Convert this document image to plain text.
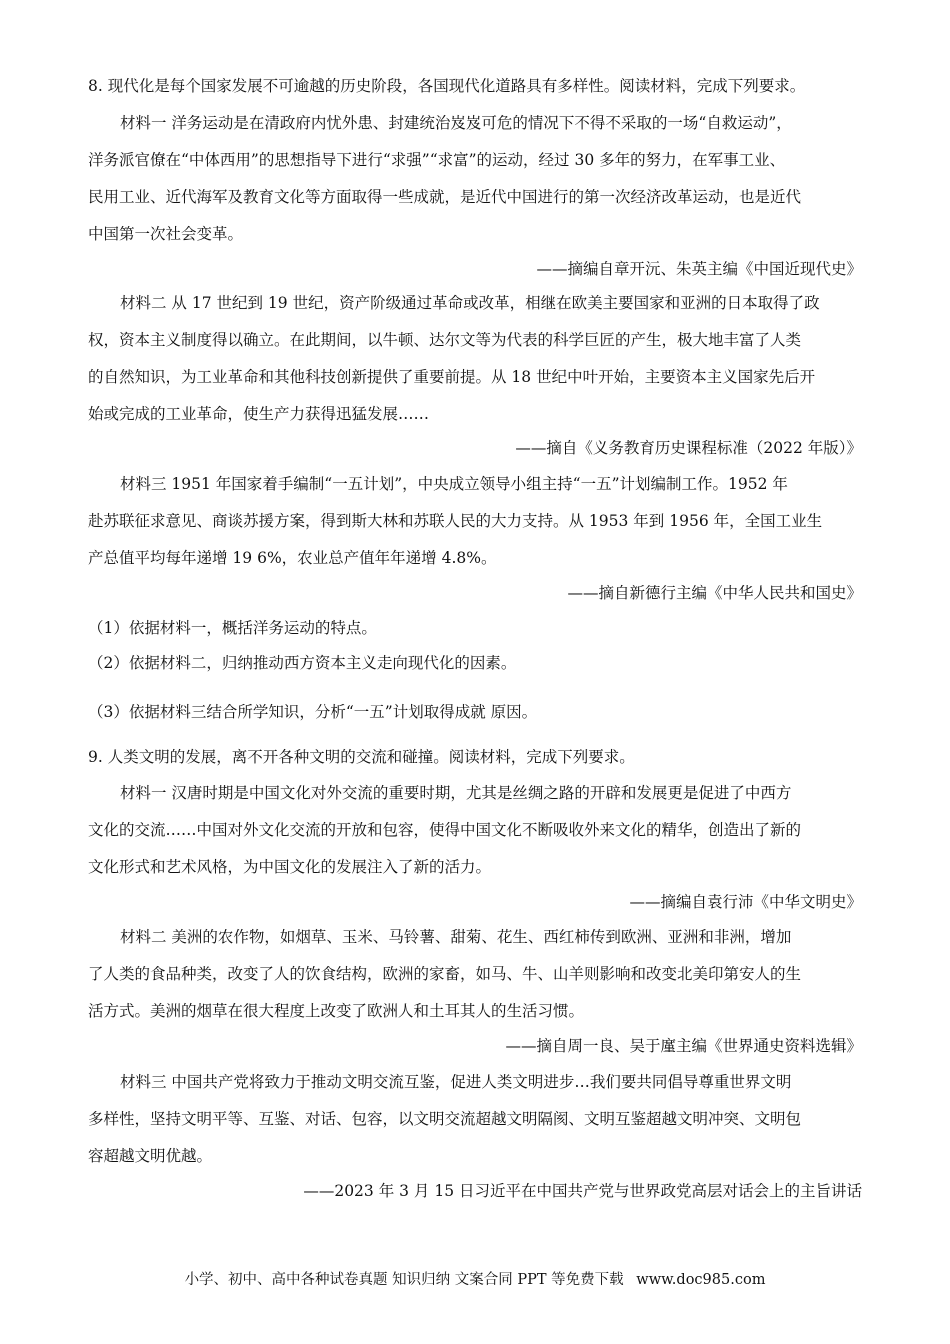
8. 现代化是每个国家发展不可逾越的历史阶段，各国现代化道路具有多样性。阅读材料，完成下列要求。
材料一 洋务运动是在清政府内忧外患、封建统治岌岌可危的情况下不得不采取的一场“自救运动”，
洋务派官僚在“中体西用”的思想指导下进行“求强”“求富”的运动，经过 30 多年的努力，在军事工业、
民用工业、近代海军及教育文化等方面取得一些成就，是近代中国进行的第一次经济改革运动，也是近代
中国第一次社会变革。
——摘编自章开沅、朱英主编《中国近现代史》
材料二 从 17 世纪到 19 世纪，资产阶级通过革命或改革，相继在欧美主要国家和亚洲的日本取得了政
权，资本主义制度得以确立。在此期间，以牛顿、达尔文等为代表的科学巨匠的产生，极大地丰富了人类
的自然知识，为工业革命和其他科技创新提供了重要前提。从 18 世纪中叶开始，主要资本主义国家先后开
始或完成的工业革命，使生产力获得迅猛发展……
——摘自《义务教育历史课程标准（2022 年版）》
材料三 1951 年国家着手编制“一五计划”，中央成立领导小组主持“一五”计划编制工作。1952 年
赴苏联征求意见、商谈苏援方案，得到斯大林和苏联人民的大力支持。从 1953 年到 1956 年，全国工业生
产总值平均每年递增 19 6%，农业总产值年年递增 4.8%。
——摘自新德行主编《中华人民共和国史》
（1）依据材料一，概括洋务运动的特点。
（2）依据材料二，归纳推动西方资本主义走向现代化的因素。
（3）依据材料三结合所学知识，分析“一五”计划取得成就 原因。
9. 人类文明的发展，离不开各种文明的交流和碰撞。阅读材料，完成下列要求。
材料一 汉唐时期是中国文化对外交流的重要时期，尤其是丝绸之路的开辟和发展更是促进了中西方
文化的交流……中国对外文化交流的开放和包容，使得中国文化不断吸收外来文化的精华，创造出了新的
文化形式和艺术风格，为中国文化的发展注入了新的活力。
——摘编自袁行沛《中华文明史》
材料二 美洲的农作物，如烟草、玉米、马铃薯、甜菊、花生、西红柿传到欧洲、亚洲和非洲，增加
了人类的食品种类，改变了人的饮食结构，欧洲的家畜，如马、牛、山羊则影响和改变北美印第安人的生
活方式。美洲的烟草在很大程度上改变了欧洲人和土耳其人的生活习惯。
——摘自周一良、吴于廑主编《世界通史资料选辑》
材料三 中国共产党将致力于推动文明交流互鉴，促进人类文明进步…我们要共同倡导尊重世界文明
多样性，坚持文明平等、互鉴、对话、包容，以文明交流超越文明隔阂、文明互鉴超越文明冲突、文明包
容超越文明优越。
——2023 年 3 月 15 日习近平在中国共产党与世界政党高层对话会上的主旨讲话
小学、初中、高中各种试卷真题 知识归纳 文案合同 PPT 等免费下载 www.doc985.com
